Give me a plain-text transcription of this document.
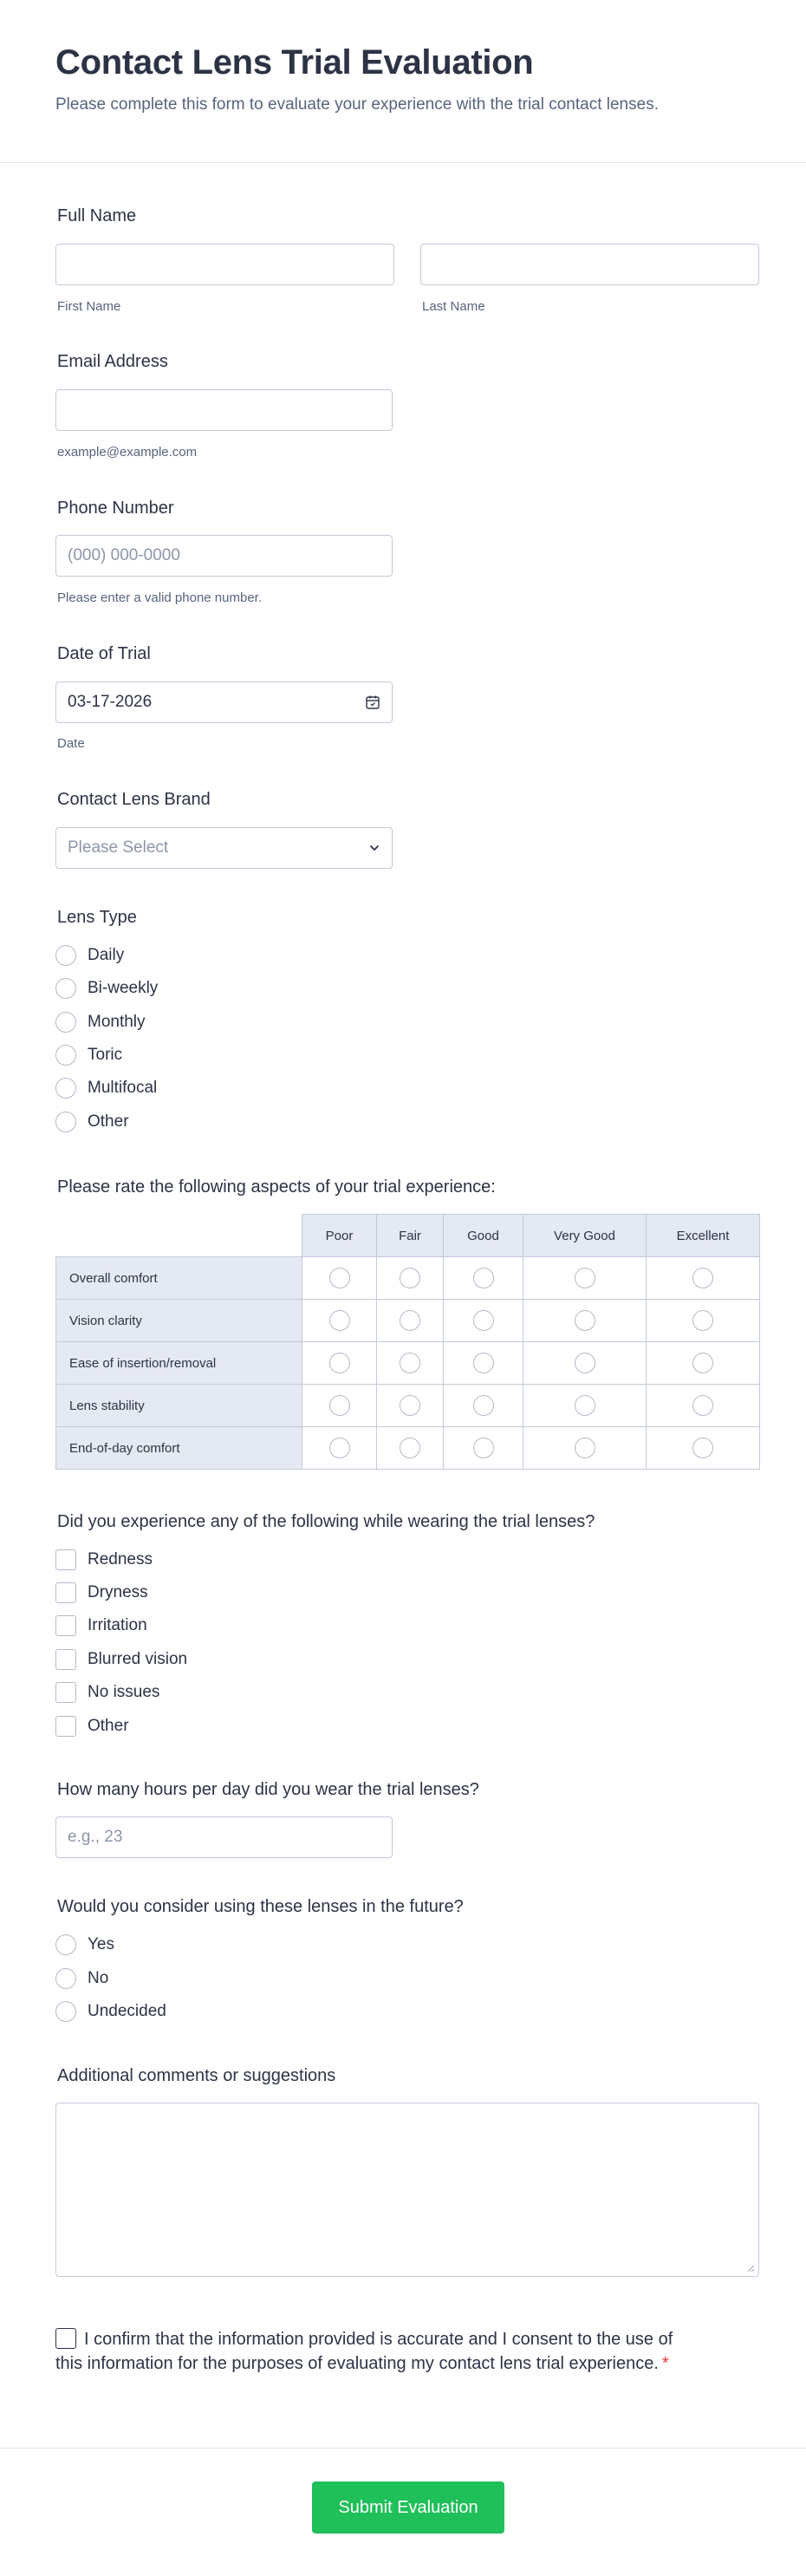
Contact Lens Trial Evaluation

Please complete this form to evaluate your experience with the trial contact lenses.

Full Name
First Name	Last Name
Email Address
example@example.com
Phone Number
(000) 000-0000
Please enter a valid phone number.
Date of Trial
03-17-2026
Date
Contact Lens Brand
Please Select
Lens Type
Daily
Bi-weekly
Monthly
Toric
Multifocal
Other
Please rate the following aspects of your trial experience:
	Poor	Fair	Good	Very Good	Excellent
Overall comfort					
Vision clarity					
Ease of insertion/removal					
Lens stability					
End-of-day comfort					
Did you experience any of the following while wearing the trial lenses?
Redness
Dryness
Irritation
Blurred vision
No issues
Other
How many hours per day did you wear the trial lenses?
e.g., 23
Would you consider using these lenses in the future?
Yes
No
Undecided
Additional comments or suggestions
I confirm that the information provided is accurate and I consent to the use of this information for the purposes of evaluating my contact lens trial experience. *
Submit Evaluation
